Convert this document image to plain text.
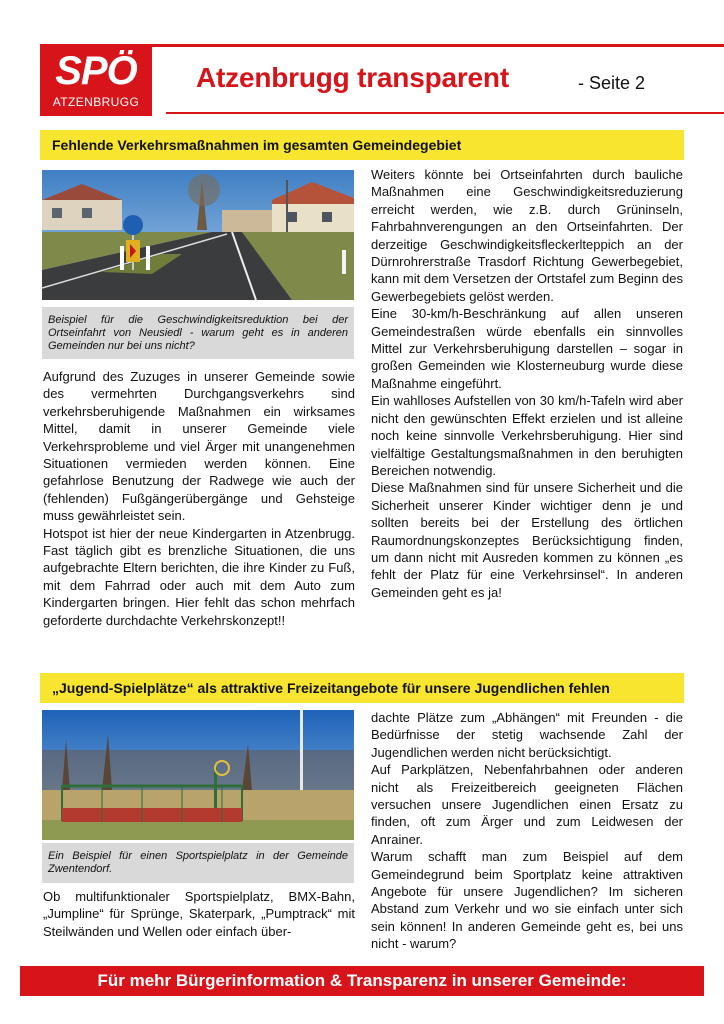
SPÖ
ATZENBRUGG
Atzenbrugg transparent	- Seite 2
Fehlende Verkehrsmaßnahmen im gesamten Gemeindegebiet
Beispiel für die Geschwindigkeitsreduktion bei der Ortseinfahrt von Neusiedl - warum geht es in anderen Gemeinden nur bei uns nicht?

Aufgrund des Zuzuges in unserer Gemeinde sowie des vermehrten Durchgangsverkehrs sind verkehrsberuhigende Maßnahmen ein wirksames Mittel, damit in unserer Gemeinde viele Verkehrsprobleme und viel Ärger mit unangenehmen Situationen vermieden werden können. Eine gefahrlose Benutzung der Radwege wie auch der (fehlenden) Fußgängerübergänge und Gehsteige muss gewährleistet sein.

Hotspot ist hier der neue Kindergarten in Atzenbrugg. Fast täglich gibt es brenzliche Situationen, die uns aufgebrachte Eltern berichten, die ihre Kinder zu Fuß, mit dem Fahrrad oder auch mit dem Auto zum Kindergarten bringen. Hier fehlt das schon mehrfach geforderte durchdachte Verkehrskonzept!!

Weiters könnte bei Ortseinfahrten durch bauliche Maßnahmen eine Geschwindigkeitsreduzierung erreicht werden, wie z.B. durch Grüninseln, Fahrbahnverengungen an den Ortseinfahrten. Der derzeitige Geschwindigkeitsfleckerlteppich an der Dürnrohrerstraße Trasdorf Richtung Gewerbegebiet, kann mit dem Versetzen der Ortstafel zum Beginn des Gewerbegebiets gelöst werden.

Eine 30-km/h-Beschränkung auf allen unseren Gemeindestraßen würde ebenfalls ein sinnvolles Mittel zur Verkehrsberuhigung darstellen – sogar in großen Gemeinden wie Klosterneuburg wurde diese Maßnahme eingeführt.

Ein wahlloses Aufstellen von 30 km/h-Tafeln wird aber nicht den gewünschten Effekt erzielen und ist alleine noch keine sinnvolle Verkehrsberuhigung. Hier sind vielfältige Gestaltungsmaßnahmen in den beruhigten Bereichen notwendig.

Diese Maßnahmen sind für unsere Sicherheit und die Sicherheit unserer Kinder wichtiger denn je und sollten bereits bei der Erstellung des örtlichen Raumordnungskonzeptes Berücksichtigung finden, um dann nicht mit Ausreden kommen zu können „es fehlt der Platz für eine Verkehrsinsel“. In anderen Gemeinden geht es ja!

„Jugend-Spielplätze“ als attraktive Freizeitangebote für unsere Jugendlichen fehlen
Ein Beispiel für einen Sportspielplatz in der Gemeinde Zwentendorf.

Ob multifunktionaler Sportspielplatz, BMX-Bahn, „Jumpline“ für Sprünge, Skaterpark, „Pumptrack“ mit Steilwänden und Wellen oder einfach über-

dachte Plätze zum „Abhängen“ mit Freunden - die Bedürfnisse der stetig wachsende Zahl der Jugendlichen werden nicht berücksichtigt.

Auf Parkplätzen, Nebenfahrbahnen oder anderen nicht als Freizeitbereich geeigneten Flächen versuchen unsere Jugendlichen einen Ersatz zu finden, oft zum Ärger und zum Leidwesen der Anrainer.

Warum schafft man zum Beispiel auf dem Gemeindegrund beim Sportplatz keine attraktiven Angebote für unsere Jugendlichen? Im sicheren Abstand zum Verkehr und wo sie einfach unter sich sein können! In anderen Gemeinde geht es, bei uns nicht - warum?

Für mehr Bürgerinformation & Transparenz in unserer Gemeinde:
